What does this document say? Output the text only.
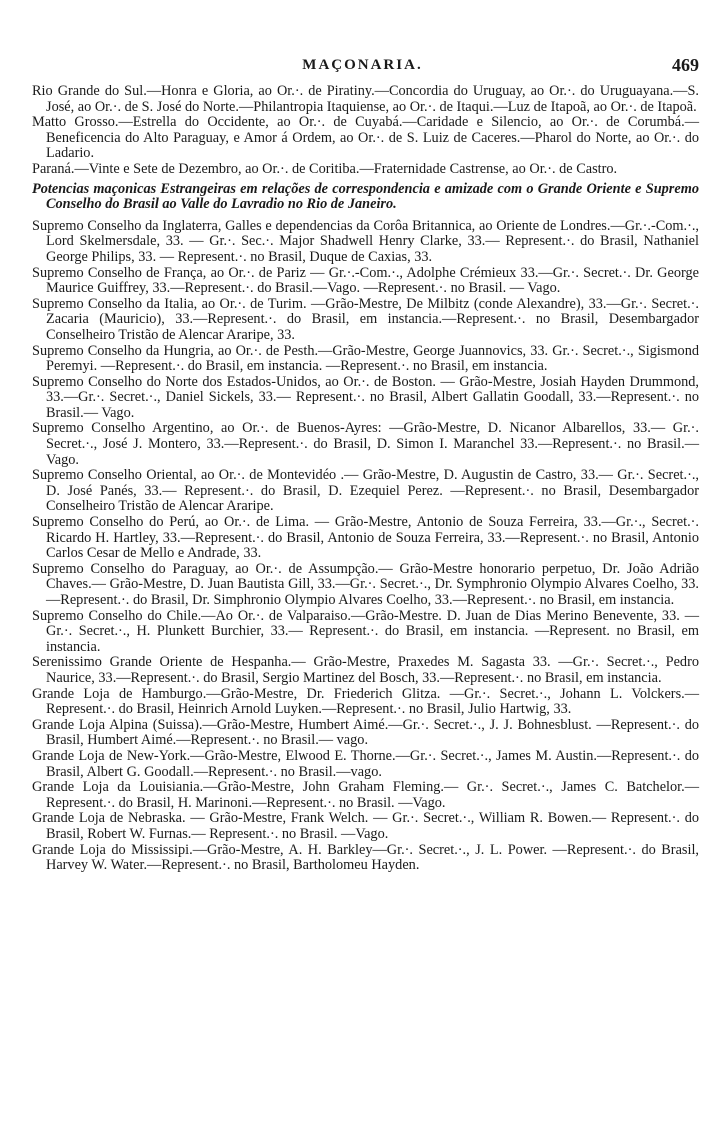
MAÇONARIA.	469

Rio Grande do Sul.—Honra e Gloria, ao Or.·. de Piratiny.—Concordia do Uruguay, ao Or.·. do Uruguayana.—S. José, ao Or.·. de S. José do Norte.—Philantropia Itaquiense, ao Or.·. de Itaqui.—Luz de Itapoã, ao Or.·. de Itapoã.

Matto Grosso.—Estrella do Occidente, ao Or.·. de Cuyabá.—Caridade e Silencio, ao Or.·. de Corumbá.—Beneficencia do Alto Paraguay, e Amor á Ordem, ao Or.·. de S. Luiz de Caceres.—Pharol do Norte, ao Or.·. do Ladario.

Paraná.—Vinte e Sete de Dezembro, ao Or.·. de Coritiba.—Fraternidade Castrense, ao Or.·. de Castro.

Potencias maçonicas Estrangeiras em relações de correspondencia e amizade com o Grande Oriente e Supremo Conselho do Brasil ao Valle do Lavradio no Rio de Janeiro.

Supremo Conselho da Inglaterra, Galles e dependencias da Corôa Britannica, ao Oriente de Londres.—Gr.·.-Com.·., Lord Skelmersdale, 33. — Gr.·. Sec.·. Major Shadwell Henry Clarke, 33.— Represent.·. do Brasil, Nathaniel George Philips, 33. — Represent.·. no Brasil, Duque de Caxias, 33.

Supremo Conselho de França, ao Or.·. de Pariz — Gr.·.-Com.·., Adolphe Crémieux 33.—Gr.·. Secret.·. Dr. George Maurice Guiffrey, 33.—Represent.·. do Brasil.—Vago. —Represent.·. no Brasil. — Vago.

Supremo Conselho da Italia, ao Or.·. de Turim. —Grão-Mestre, De Milbitz (conde Alexandre), 33.—Gr.·. Secret.·. Zacaria (Mauricio), 33.—Represent.·. do Brasil, em instancia.—Represent.·. no Brasil, Desembargador Conselheiro Tristão de Alencar Araripe, 33.

Supremo Conselho da Hungria, ao Or.·. de Pesth.—Grão-Mestre, George Juannovics, 33. Gr.·. Secret.·., Sigismond Peremyi. —Represent.·. do Brasil, em instancia. —Represent.·. no Brasil, em instancia.

Supremo Conselho do Norte dos Estados-Unidos, ao Or.·. de Boston. — Grão-Mestre, Josiah Hayden Drummond, 33.—Gr.·. Secret.·., Daniel Sickels, 33.— Represent.·. no Brasil, Albert Gallatin Goodall, 33.—Represent.·. no Brasil.— Vago.

Supremo Conselho Argentino, ao Or.·. de Buenos-Ayres: —Grão-Mestre, D. Nicanor Albarellos, 33.— Gr.·. Secret.·., José J. Montero, 33.—Represent.·. do Brasil, D. Simon I. Maranchel 33.—Represent.·. no Brasil.—Vago.

Supremo Conselho Oriental, ao Or.·. de Montevidéo .— Grão-Mestre, D. Augustin de Castro, 33.— Gr.·. Secret.·., D. José Panés, 33.— Represent.·. do Brasil, D. Ezequiel Perez. —Represent.·. no Brasil, Desembargador Conselheiro Tristão de Alencar Araripe.

Supremo Conselho do Perú, ao Or.·. de Lima. — Grão-Mestre, Antonio de Souza Ferreira, 33.—Gr.·., Secret.·. Ricardo H. Hartley, 33.—Represent.·. do Brasil, Antonio de Souza Ferreira, 33.—Represent.·. no Brasil, Antonio Carlos Cesar de Mello e Andrade, 33.

Supremo Conselho do Paraguay, ao Or.·. de Assumpção.— Grão-Mestre honorario perpetuo, Dr. João Adrião Chaves.— Grão-Mestre, D. Juan Bautista Gill, 33.—Gr.·. Secret.·., Dr. Symphronio Olympio Alvares Coelho, 33.—Represent.·. do Brasil, Dr. Simphronio Olympio Alvares Coelho, 33.—Represent.·. no Brasil, em instancia.

Supremo Conselho do Chile.—Ao Or.·. de Valparaiso.—Grão-Mestre. D. Juan de Dias Merino Benevente, 33. —Gr.·. Secret.·., H. Plunkett Burchier, 33.— Represent.·. do Brasil, em instancia. —Represent. no Brasil, em instancia.

Serenissimo Grande Oriente de Hespanha.— Grão-Mestre, Praxedes M. Sagasta 33. —Gr.·. Secret.·., Pedro Naurice, 33.—Represent.·. do Brasil, Sergio Martinez del Bosch, 33.—Represent.·. no Brasil, em instancia.

Grande Loja de Hamburgo.—Grão-Mestre, Dr. Friederich Glitza. —Gr.·. Secret.·., Johann L. Volckers.—Represent.·. do Brasil, Heinrich Arnold Luyken.—Represent.·. no Brasil, Julio Hartwig, 33.

Grande Loja Alpina (Suissa).—Grão-Mestre, Humbert Aimé.—Gr.·. Secret.·., J. J. Bohnesblust. —Represent.·. do Brasil, Humbert Aimé.—Represent.·. no Brasil.— vago.

Grande Loja de New-York.—Grão-Mestre, Elwood E. Thorne.—Gr.·. Secret.·., James M. Austin.—Represent.·. do Brasil, Albert G. Goodall.—Represent.·. no Brasil.—vago.

Grande Loja da Louisiania.—Grão-Mestre, John Graham Fleming.— Gr.·. Secret.·., James C. Batchelor.—Represent.·. do Brasil, H. Marinoni.—Represent.·. no Brasil. —Vago.

Grande Loja de Nebraska. — Grão-Mestre, Frank Welch. — Gr.·. Secret.·., William R. Bowen.— Represent.·. do Brasil, Robert W. Furnas.— Represent.·. no Brasil. —Vago.

Grande Loja do Mississipi.—Grão-Mestre, A. H. Barkley—Gr.·. Secret.·., J. L. Power. —Represent.·. do Brasil, Harvey W. Water.—Represent.·. no Brasil, Bartholomeu Hayden.
